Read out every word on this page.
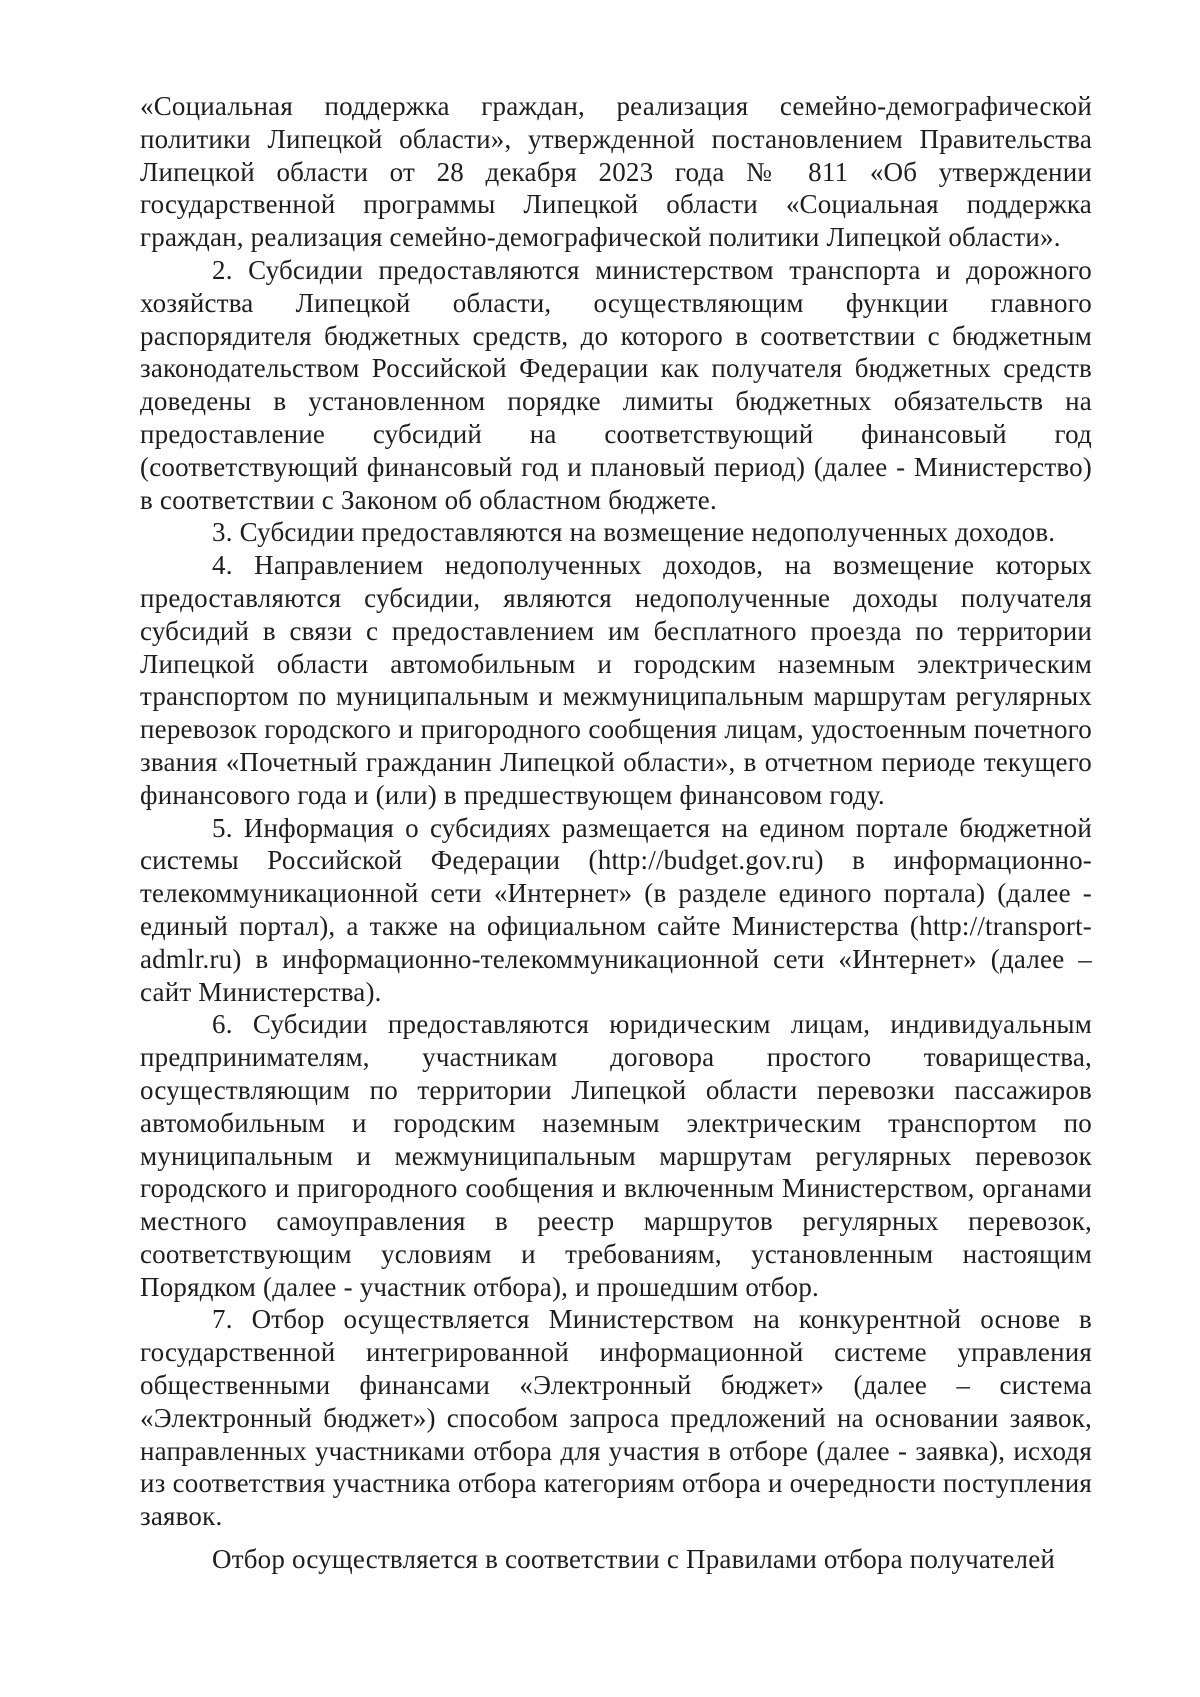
«Социальная поддержка граждан, реализация семейно-демографической политики Липецкой области», утвержденной постановлением Правительства Липецкой области от 28 декабря 2023 года № 811 «Об утверждении государственной программы Липецкой области «Социальная поддержка граждан, реализация семейно-демографической политики Липецкой области».

2. Субсидии предоставляются министерством транспорта и дорожного хозяйства Липецкой области, осуществляющим функции главного распорядителя бюджетных средств, до которого в соответствии с бюджетным законодательством Российской Федерации как получателя бюджетных средств доведены в установленном порядке лимиты бюджетных обязательств на предоставление субсидий на соответствующий финансовый год (соответствующий финансовый год и плановый период) (далее - Министерство) в соответствии с Законом об областном бюджете.

3. Субсидии предоставляются на возмещение недополученных доходов.

4. Направлением недополученных доходов, на возмещение которых предоставляются субсидии, являются недополученные доходы получателя субсидий в связи с предоставлением им бесплатного проезда по территории Липецкой области автомобильным и городским наземным электрическим транспортом по муниципальным и межмуниципальным маршрутам регулярных перевозок городского и пригородного сообщения лицам, удостоенным почетного звания «Почетный гражданин Липецкой области», в отчетном периоде текущего финансового года и (или) в предшествующем финансовом году.

5. Информация о субсидиях размещается на едином портале бюджетной системы Российской Федерации (http://budget.gov.ru) в информационно-телекоммуникационной сети «Интернет» (в разделе единого портала) (далее - единый портал), а также на официальном сайте Министерства (http://transport-admlr.ru) в информационно-телекоммуникационной сети «Интернет» (далее – сайт Министерства).

6. Субсидии предоставляются юридическим лицам, индивидуальным предпринимателям, участникам договора простого товарищества, осуществляющим по территории Липецкой области перевозки пассажиров автомобильным и городским наземным электрическим транспортом по муниципальным и межмуниципальным маршрутам регулярных перевозок городского и пригородного сообщения и включенным Министерством, органами местного самоуправления в реестр маршрутов регулярных перевозок, соответствующим условиям и требованиям, установленным настоящим Порядком (далее - участник отбора), и прошедшим отбор.

7. Отбор осуществляется Министерством на конкурентной основе в государственной интегрированной информационной системе управления общественными финансами «Электронный бюджет» (далее – система «Электронный бюджет») способом запроса предложений на основании заявок, направленных участниками отбора для участия в отборе (далее - заявка), исходя из соответствия участника отбора категориям отбора и очередности поступления заявок.

Отбор осуществляется в соответствии с Правилами отбора получателей
